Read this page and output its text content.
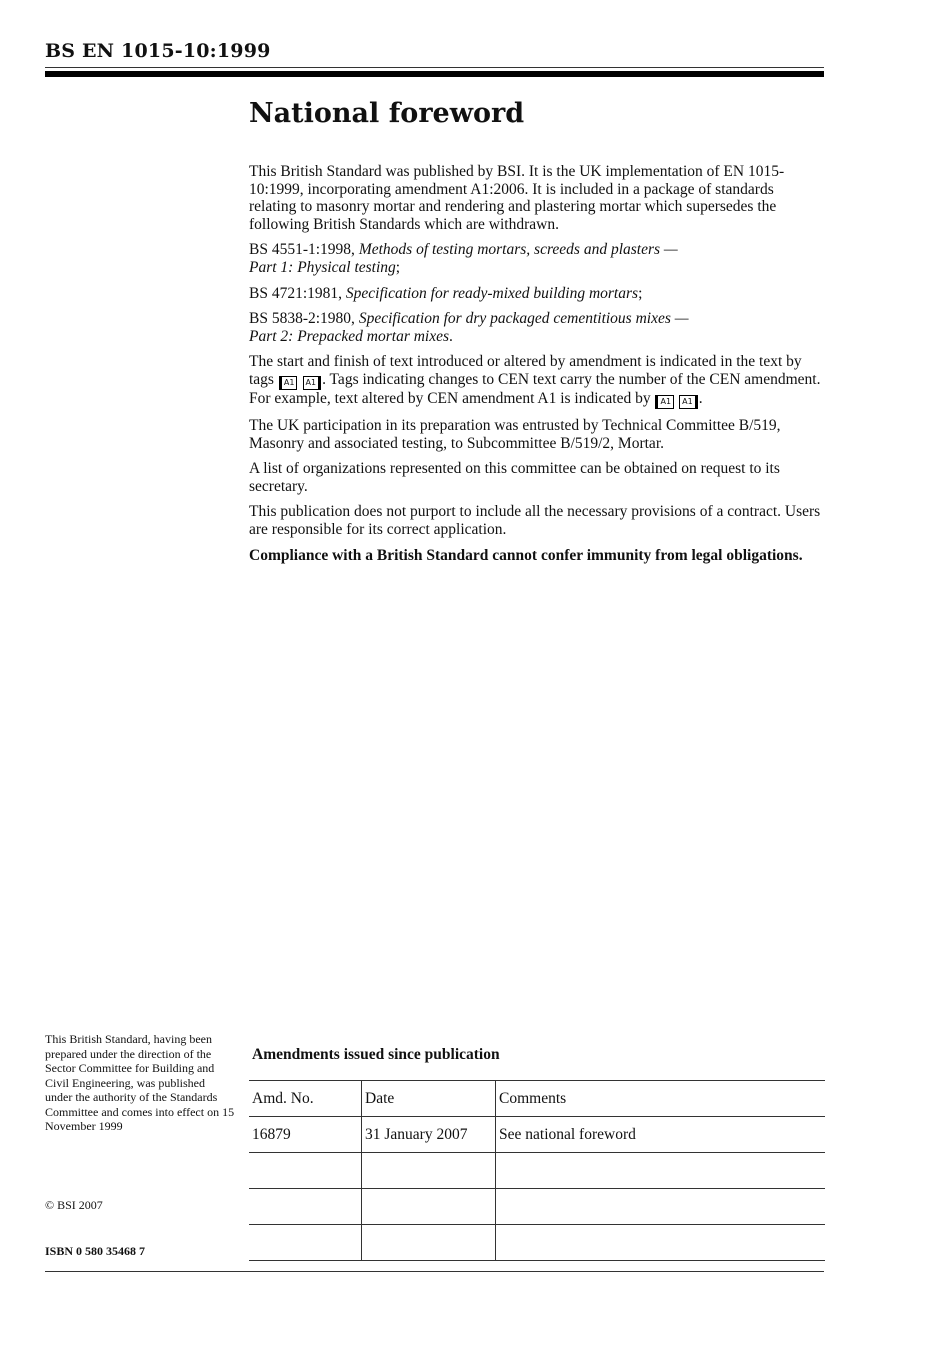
BS EN 1015-10:1999
National foreword

This British Standard was published by BSI. It is the UK implementation of EN 1015-10:1999, incorporating amendment A1:2006. It is included in a package of standards relating to masonry mortar and rendering and plastering mortar which supersedes the following British Standards which are withdrawn.

BS 4551-1:1998, Methods of testing mortars, screeds and plasters —
Part 1: Physical testing;

BS 4721:1981, Specification for ready-mixed building mortars;

BS 5838-2:1980, Specification for dry packaged cementitious mixes —
Part 2: Prepacked mortar mixes.

The start and finish of text introduced or altered by amendment is indicated in the text by tags A1  A1 . Tags indicating changes to CEN text carry the number of the CEN amendment. For example, text altered by CEN amendment A1 is indicated by A1  A1 .

The UK participation in its preparation was entrusted by Technical Committee B/519, Masonry and associated testing, to Subcommittee B/519/2, Mortar.

A list of organizations represented on this committee can be obtained on request to its secretary.

This publication does not purport to include all the necessary provisions of a contract. Users are responsible for its correct application.

Compliance with a British Standard cannot confer immunity from legal obligations.

This British Standard, having been prepared under the direction of the Sector Committee for Building and Civil Engineering, was published under the authority of the Standards Committee and comes into effect on 15 November 1999
© BSI 2007
ISBN 0 580 35468 7
Amendments issued since publication
Amd. No.	Date	Comments
16879	31 January 2007	See national foreword
